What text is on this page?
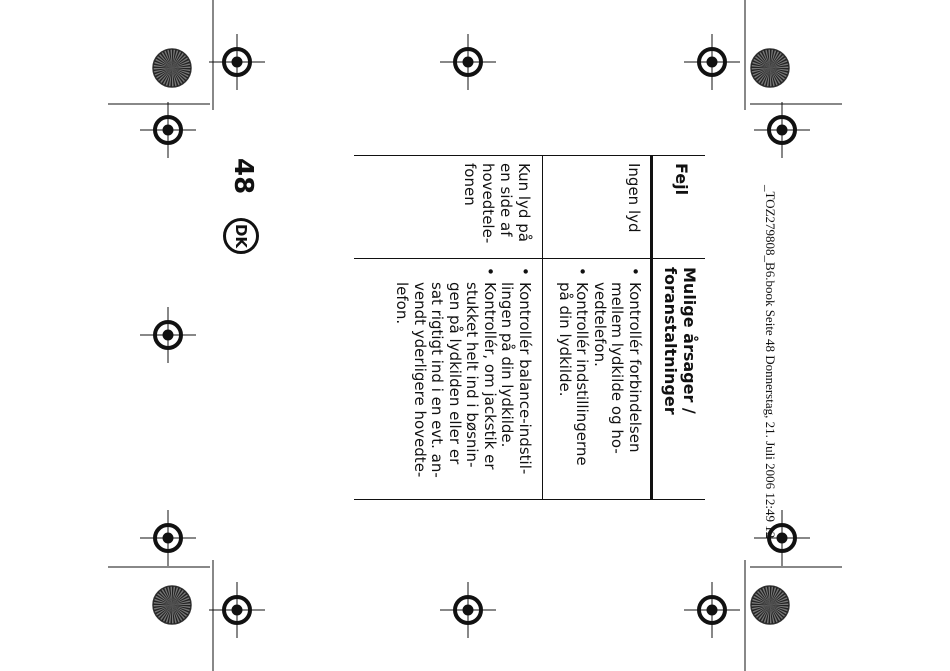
_TOZ279808_B6.book Seite 48 Donnerstag, 21. Juli 2006 12:49 12
48
DK
Fejl
Mulige årsager /
foranstaltninger
Ingen lyd
• Kontrollér forbindelsen
mellem lydkilde og ho-
vedtelefon.
• Kontrollér indstillingerne
på din lydkilde.
Kun lyd på
en side af
hovedtele-
fonen
• Kontrollér balance-indstil-
lingen på din lydkilde.
• Kontrollér, om jackstik er
stukket helt ind i bøsnin-
gen på lydkilden eller er
sat rigtigt ind i en evt. an-
vendt yderligere hovedte-
lefon.
